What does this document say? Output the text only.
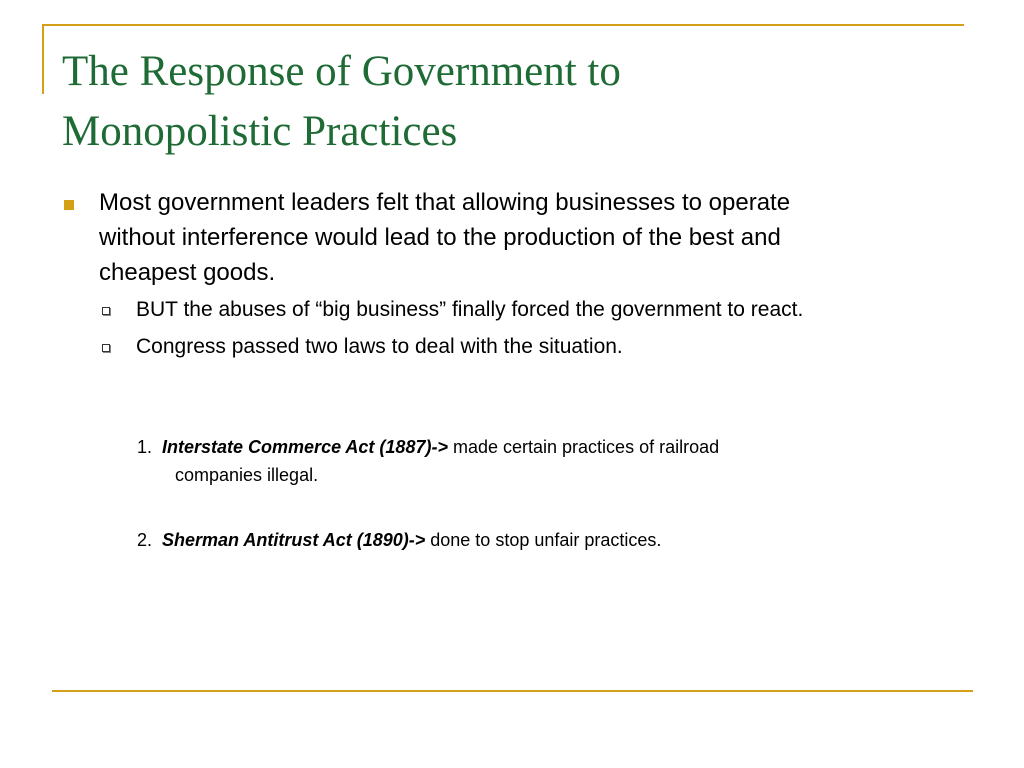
The Response of Government to
Monopolistic Practices
Most government leaders felt that allowing businesses to operate
without interference would lead to the production of the best and
cheapest goods.
BUT the abuses of “big business” finally forced the government to react.
Congress passed two laws to deal with the situation.
1. Interstate Commerce Act (1887)-> made certain practices of railroad
companies illegal.
2. Sherman Antitrust Act (1890)-> done to stop unfair practices.
